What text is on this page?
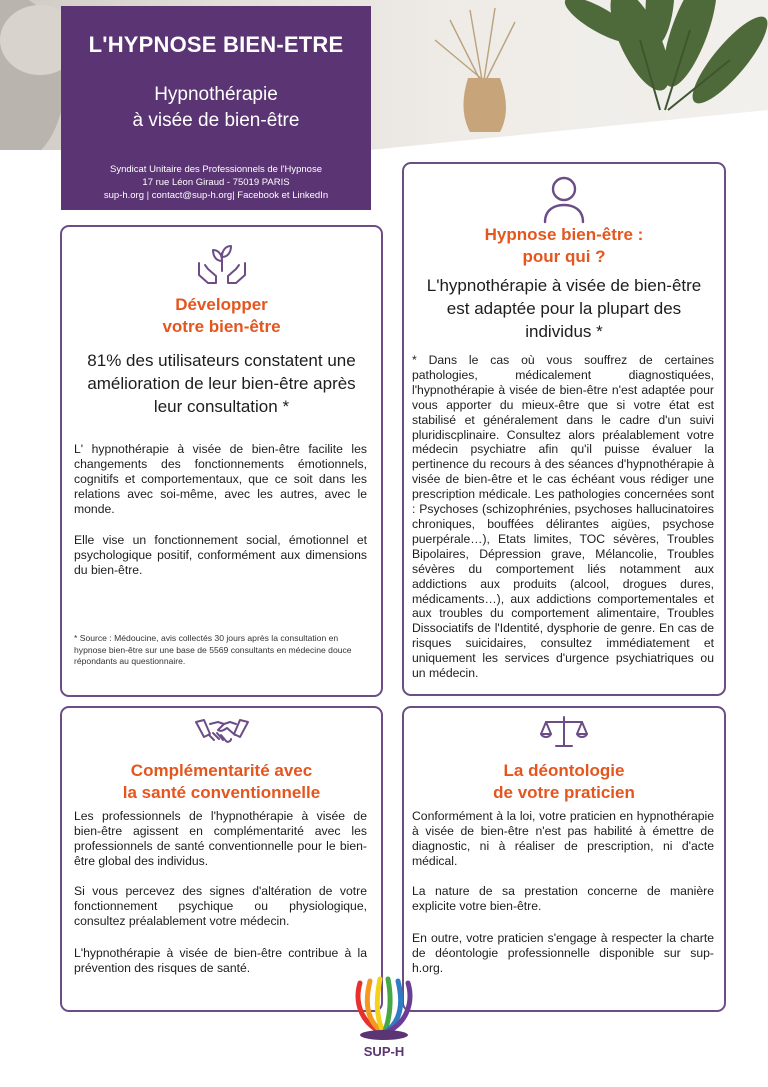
L'HYPNOSE BIEN-ETRE
Hypnothérapie
à visée de bien-être
Syndicat Unitaire des Professionnels de l'Hypnose
17 rue Léon Giraud - 75019 PARIS
sup-h.org | contact@sup-h.org| Facebook et LinkedIn
Développer
votre bien-être
81% des utilisateurs constatent une
amélioration de leur bien-être après
leur consultation *
L' hypnothérapie à visée de bien-être facilite les changements des fonctionnements émotionnels, cognitifs et comportementaux, que ce soit dans les relations avec soi-même, avec les autres, avec le monde.
Elle vise un fonctionnement social, émotionnel et psychologique positif, conformément aux dimensions du bien-être.
* Source : Médoucine, avis collectés 30 jours après la consultation en hypnose bien-être sur une base de 5569 consultants en médecine douce répondants au questionnaire.
Hypnose bien-être :
pour qui ?
L'hypnothérapie à visée de bien-être
est adaptée pour la plupart des
individus *
* Dans le cas où vous souffrez de certaines pathologies, médicalement diagnostiquées, l'hypnothérapie à visée de bien-être n'est adaptée pour vous apporter du mieux-être que si votre état est stabilisé et généralement dans le cadre d'un suivi pluridiscplinaire. Consultez alors préalablement votre médecin psychiatre afin qu'il puisse évaluer la pertinence du recours à des séances d'hypnothérapie à visée de bien-être et le cas échéant vous rédiger une prescription médicale. Les pathologies concernées sont : Psychoses (schizophrénies, psychoses hallucinatoires chroniques, bouffées délirantes aigües, psychose puerpérale…), Etats limites, TOC sévères, Troubles Bipolaires, Dépression grave, Mélancolie, Troubles sévères du comportement liés notamment aux addictions aux produits (alcool, drogues dures, médicaments…), aux addictions comportementales et aux troubles du comportement alimentaire, Troubles Dissociatifs de l'Identité, dysphorie de genre. En cas de risques suicidaires, consultez immédiatement et uniquement les services d'urgence psychiatriques ou un médecin.
Complémentarité avec
la santé conventionnelle
Les professionnels de l'hypnothérapie à visée de bien-être agissent en complémentarité avec les professionnels de santé conventionnelle pour le bien-être global des individus.
Si vous percevez des signes d'altération de votre fonctionnement psychique ou physiologique, consultez préalablement votre médecin.
L'hypnothérapie à visée de bien-être contribue à la prévention des risques de santé.
La déontologie
de votre praticien
Conformément à la loi, votre praticien en hypnothérapie à visée de bien-être n'est pas habilité à émettre de diagnostic, ni à réaliser de prescription, ni d'acte médical.
La nature de sa prestation concerne de manière explicite votre bien-être.
En outre, votre praticien s'engage à respecter la charte de déontologie professionnelle disponible sur sup-h.org.
SUP-H
